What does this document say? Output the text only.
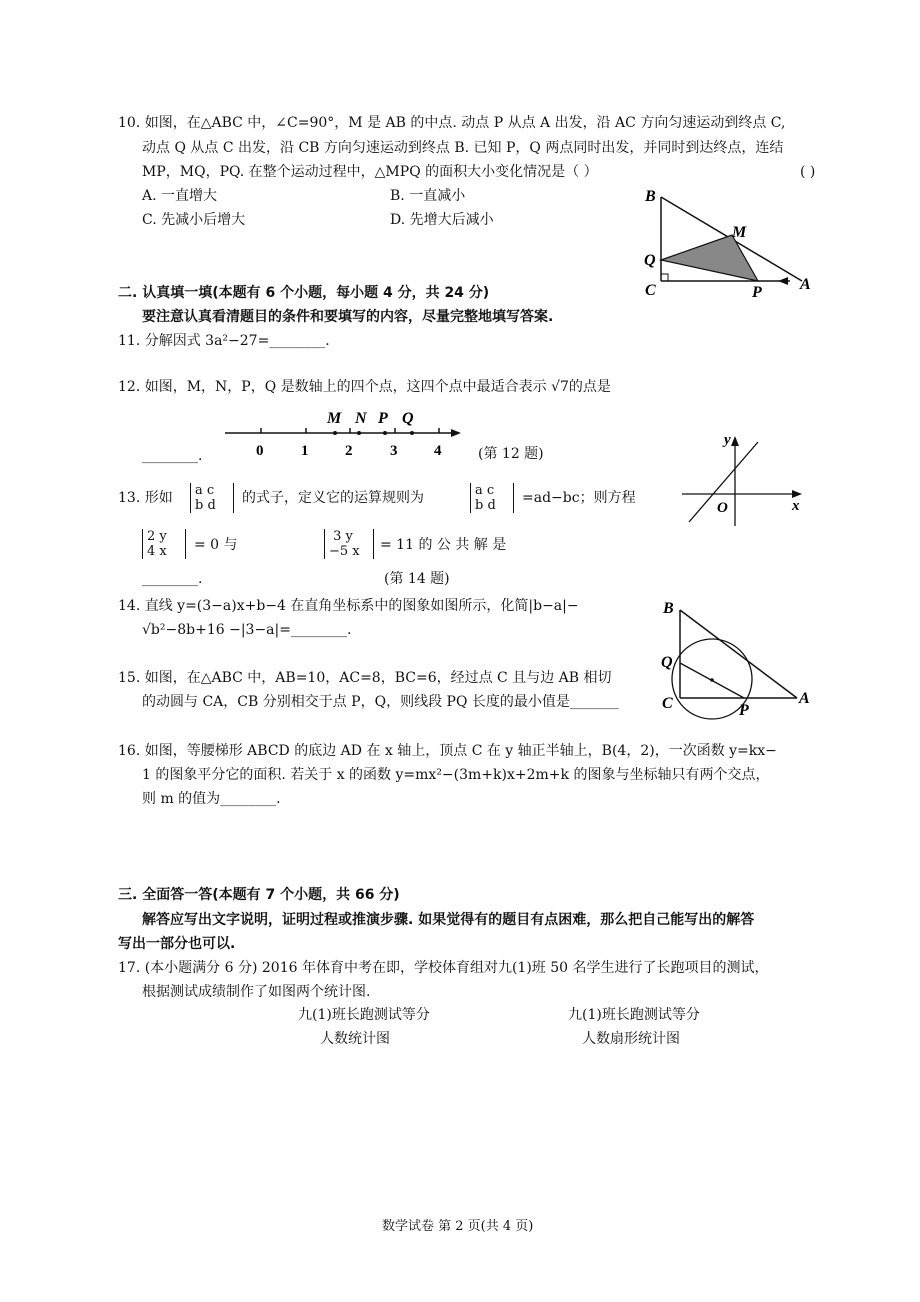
10. 如图，在△ABC 中，∠C=90°，M 是 AB 的中点. 动点 P 从点 A 出发，沿 AC 方向匀速运动到终点 C,
动点 Q 从点 C 出发，沿 CB 方向匀速运动到终点 B. 已知 P，Q 两点同时出发，并同时到达终点，连结
MP，MQ，PQ. 在整个运动过程中，△MPQ 的面积大小变化情况是（ ）	( )
A. 一直增大	B. 一直减小
C. 先减小后增大	D. 先增大后减小
B
M
Q
C	P A
二. 认真填一填(本题有 6 个小题，每小题 4 分，共 24 分)
要注意认真看清题目的条件和要填写的内容，尽量完整地填写答案.
11. 分解因式 3a²−27=________.
12. 如图，M，N，P，Q 是数轴上的四个点，这四个点中最适合表示 √7的点是
________.
M N P Q
0	1 2	3 4	(第 12 题)
13. 形如	a c
b d	的式子，定义它的运算规则为	a c
b d	=ad−bc；则方程
2 y
4 x	= 0 与
3 y
−5 x	= 11 的 公 共 解 是
________.	(第 14 题)
y
O	x
14. 直线 y=(3−a)x+b−4 在直角坐标系中的图象如图所示，化简|b−a|−
√b²−8b+16 −|3−a|=________.
B
Q
C	P
A
15. 如图，在△ABC 中，AB=10，AC=8，BC=6，经过点 C 且与边 AB 相切
的动圆与 CA，CB 分别相交于点 P，Q，则线段 PQ 长度的最小值是_______
16. 如图，等腰梯形 ABCD 的底边 AD 在 x 轴上，顶点 C 在 y 轴正半轴上，B(4，2)，一次函数 y=kx−
1 的图象平分它的面积. 若关于 x 的函数 y=mx²−(3m+k)x+2m+k 的图象与坐标轴只有两个交点，
则 m 的值为________.
三. 全面答一答(本题有 7 个小题，共 66 分)
解答应写出文字说明，证明过程或推演步骤. 如果觉得有的题目有点困难，那么把自己能写出的解答
写出一部分也可以.
17. (本小题满分 6 分) 2016 年体育中考在即，学校体育组对九(1)班 50 名学生进行了长跑项目的测试，
根据测试成绩制作了如图两个统计图.
九(1)班长跑测试等分
人数统计图
九(1)班长跑测试等分
人数扇形统计图
数学试卷 第 2 页(共 4 页)
